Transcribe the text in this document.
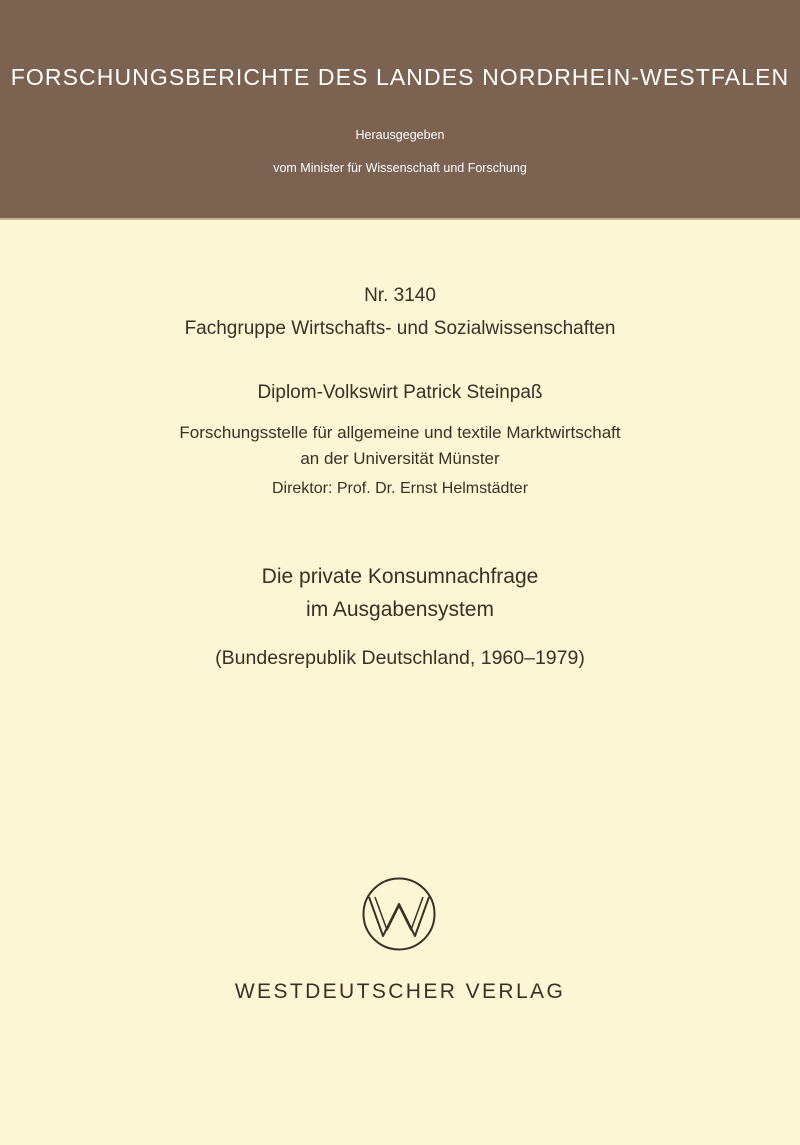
FORSCHUNGSBERICHTE DES LANDES NORDRHEIN-WESTFALEN
Herausgegeben
vom Minister für Wissenschaft und Forschung
Nr. 3140
Fachgruppe Wirtschafts- und Sozialwissenschaften
Diplom-Volkswirt Patrick Steinpaß
Forschungsstelle für allgemeine und textile Marktwirtschaft
an der Universität Münster
Direktor: Prof. Dr. Ernst Helmstädter
Die private Konsumnachfrage
im Ausgabensystem
(Bundesrepublik Deutschland, 1960–1979)
WESTDEUTSCHER VERLAG
